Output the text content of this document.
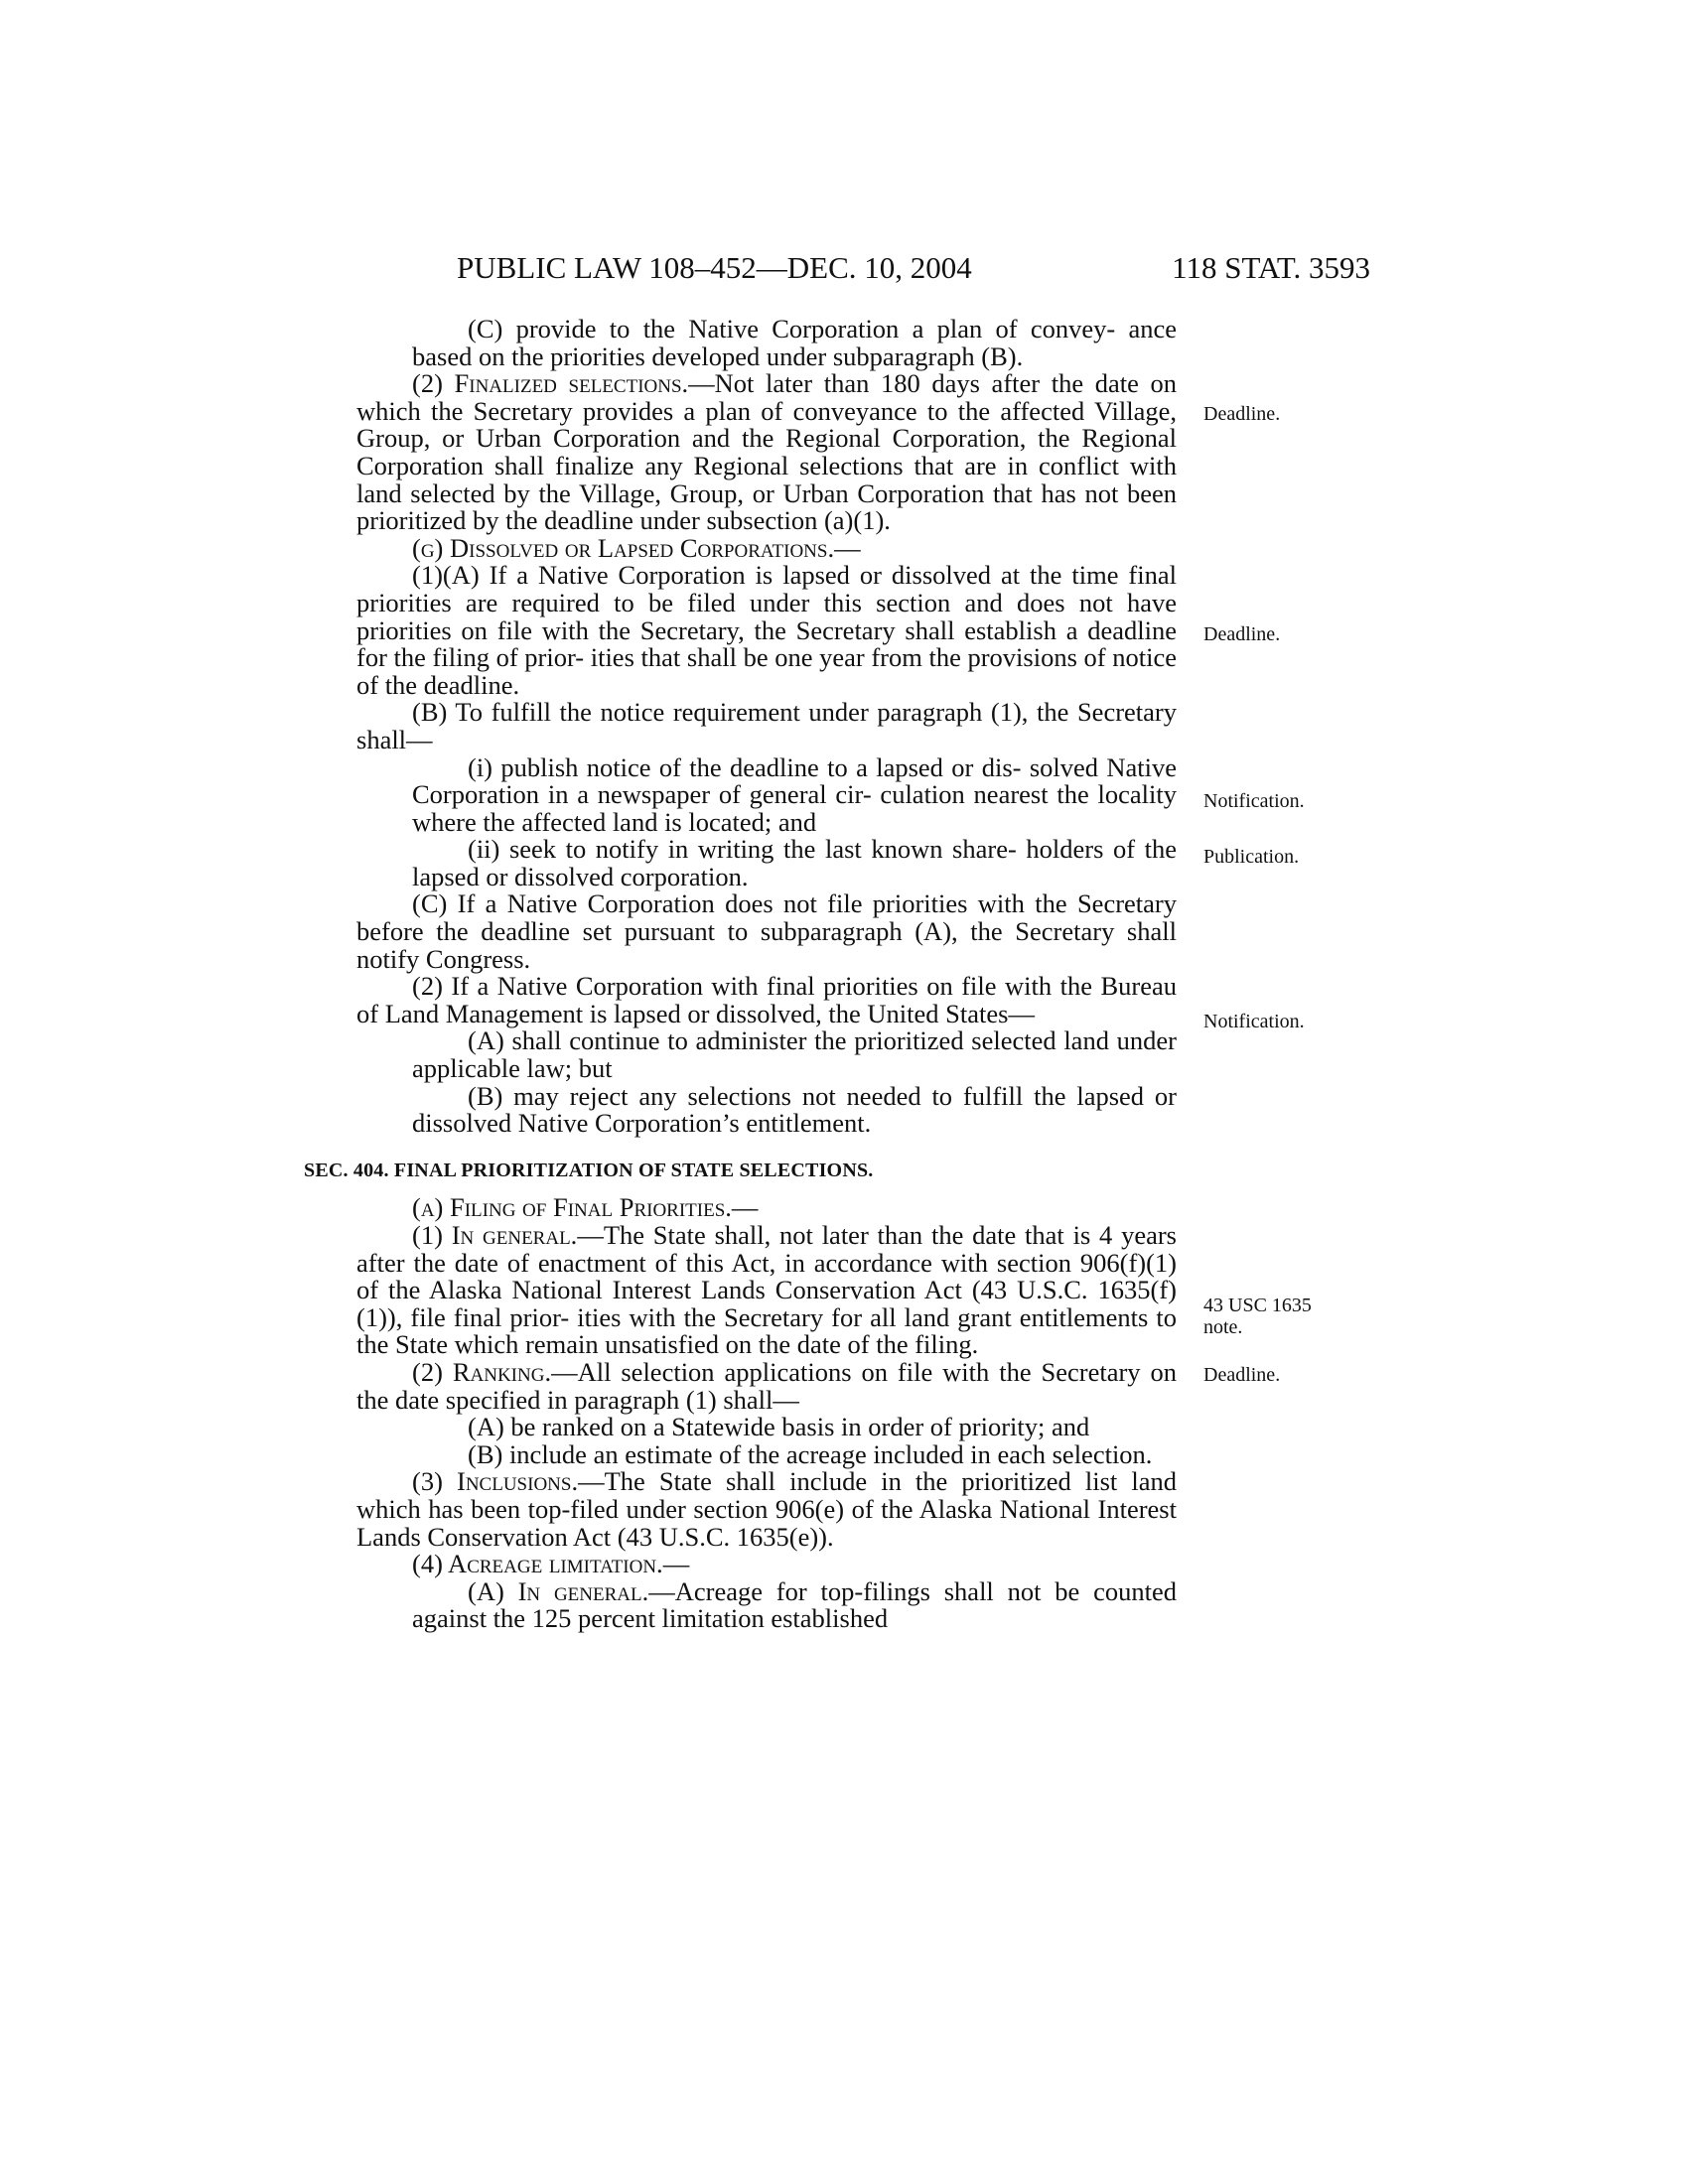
PUBLIC LAW 108–452—DEC. 10, 2004	118 STAT. 3593

(C) provide to the Native Corporation a plan of convey- ance based on the priorities developed under subparagraph (B).

(2) Finalized selections.—Not later than 180 days after the date on which the Secretary provides a plan of conveyance to the affected Village, Group, or Urban Corporation and the Regional Corporation, the Regional Corporation shall finalize any Regional selections that are in conflict with land selected by the Village, Group, or Urban Corporation that has not been prioritized by the deadline under subsection (a)(1).

(g) Dissolved or Lapsed Corporations.—

(1)(A) If a Native Corporation is lapsed or dissolved at the time final priorities are required to be filed under this section and does not have priorities on file with the Secretary, the Secretary shall establish a deadline for the filing of prior- ities that shall be one year from the provisions of notice of the deadline.

(B) To fulfill the notice requirement under paragraph (1), the Secretary shall—

(i) publish notice of the deadline to a lapsed or dis- solved Native Corporation in a newspaper of general cir- culation nearest the locality where the affected land is located; and

(ii) seek to notify in writing the last known share- holders of the lapsed or dissolved corporation.

(C) If a Native Corporation does not file priorities with the Secretary before the deadline set pursuant to subparagraph (A), the Secretary shall notify Congress.

(2) If a Native Corporation with final priorities on file with the Bureau of Land Management is lapsed or dissolved, the United States—

(A) shall continue to administer the prioritized selected land under applicable law; but

(B) may reject any selections not needed to fulfill the lapsed or dissolved Native Corporation’s entitlement.

SEC. 404. FINAL PRIORITIZATION OF STATE SELECTIONS.

(a) Filing of Final Priorities.—

(1) In general.—The State shall, not later than the date that is 4 years after the date of enactment of this Act, in accordance with section 906(f)(1) of the Alaska National Interest Lands Conservation Act (43 U.S.C. 1635(f)(1)), file final prior- ities with the Secretary for all land grant entitlements to the State which remain unsatisfied on the date of the filing.

(2) Ranking.—All selection applications on file with the Secretary on the date specified in paragraph (1) shall—

(A) be ranked on a Statewide basis in order of priority; and

(B) include an estimate of the acreage included in each selection.

(3) Inclusions.—The State shall include in the prioritized list land which has been top-filed under section 906(e) of the Alaska National Interest Lands Conservation Act (43 U.S.C. 1635(e)).

(4) Acreage limitation.—

(A) In general.—Acreage for top-filings shall not be counted against the 125 percent limitation established

Deadline.
Deadline.
Notification.
Publication.
Notification.
43 USC 1635
note.
Deadline.
